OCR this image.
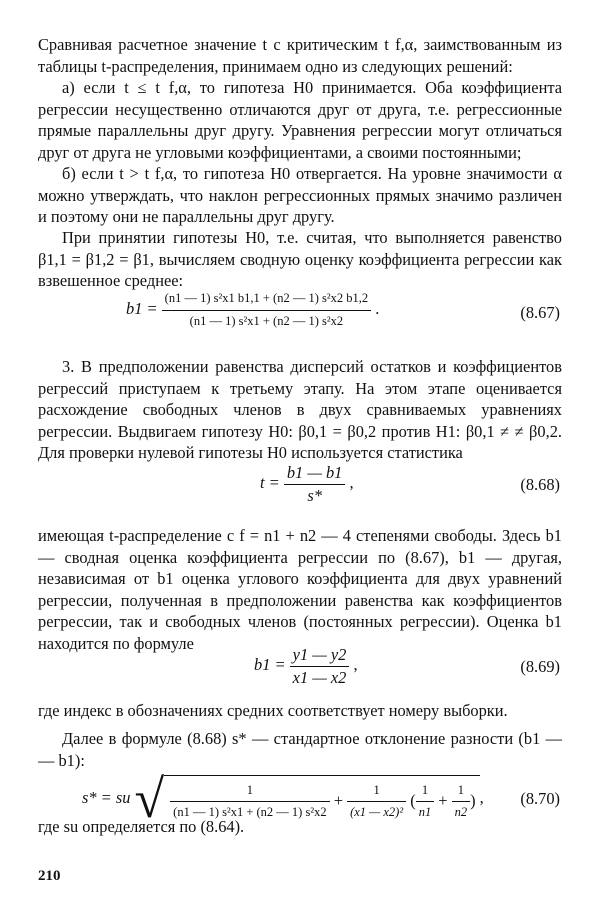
Сравнивая расчетное значение t с критическим t f,α, заимствованным из таблицы t-распределения, принимаем одно из следующих решений:

а) если t ≤ t f,α, то гипотеза H0 принимается. Оба коэффициента регрессии несущественно отличаются друг от друга, т.е. регрессионные прямые параллельны друг другу. Уравнения регрессии могут отличаться друг от друга не угловыми коэффициентами, а своими постоянными;

б) если t > t f,α, то гипотеза H0 отвергается. На уровне значимости α можно утверждать, что наклон регрессионных прямых значимо различен и поэтому они не параллельны друг другу.

При принятии гипотезы H0, т.е. считая, что выполняется равенство β1,1 = β1,2 = β1, вычисляем сводную оценку коэффициента регрессии как взвешенное среднее:

$b1 = \frac{\text{(n1 — 1) s²x1 b1,1 + (n2 — 1) s²x2 b1,2}}{\text{(n1 — 1) s²x1 + (n2 — 1) s²x2}}$ .	(8.67)

3. В предположении равенства дисперсий остатков и коэффициентов регрессий приступаем к третьему этапу. На этом этапе оценивается расхождение свободных членов в двух сравниваемых уравнениях регрессии. Выдвигаем гипотезу H0: β0,1 = β0,2 против H1: β0,1 ≠ ≠ β0,2. Для проверки нулевой гипотезы H0 используется статистика

$t = \frac{b1 — b1}{s*}$ ,	(8.68)

имеющая t-распределение с f = n1 + n2 — 4 степенями свободы. Здесь b1 — сводная оценка коэффициента регрессии по (8.67), b1 — другая, независимая от b1 оценка углового коэффициента для двух уравнений регрессии, полученная в предположении равенства как коэффициентов регрессии, так и свободных членов (постоянных регрессии). Оценка b1 находится по формуле

$b1 = \frac{y1 — y2}{x1 — x2}$ ,	(8.69)

где индекс в обозначениях средних соответствует номеру выборки.

Далее в формуле (8.68) s* — стандартное отклонение разности (b1 — — b1):

s* = su √ $\frac{1}{\text{(n1 — 1) s²x1 + (n2 — 1) s²x2}} + \frac{1}{\text{(x1 — x2)²}}$ ( $\frac{1}{n1} + \frac{1}{n2}$ ) , (8.70)

где su определяется по (8.64).

210
